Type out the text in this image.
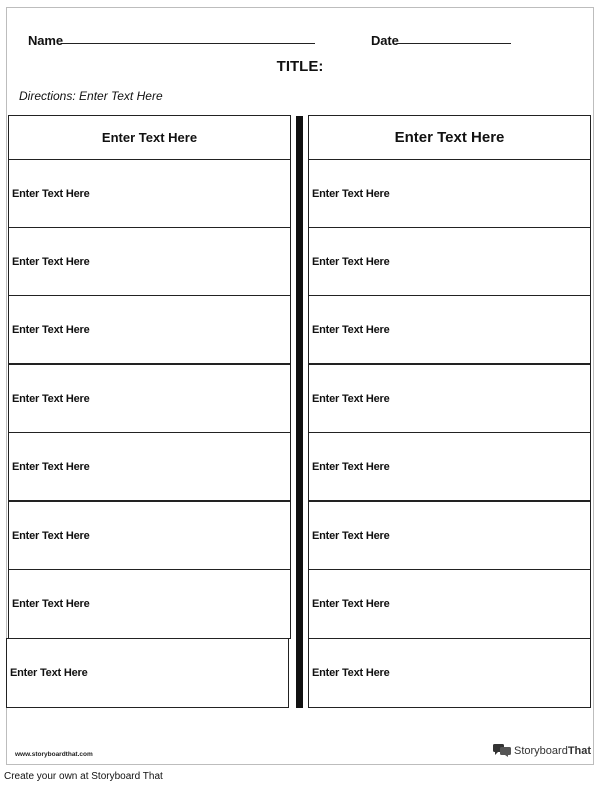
Name	Date
TITLE:
Directions: Enter Text Here
Enter Text Here
Enter Text Here
Enter Text Here
Enter Text Here
Enter Text Here
Enter Text Here
Enter Text Here
Enter Text Here
Enter Text Here
Enter Text Here
Enter Text Here
Enter Text Here
Enter Text Here
Enter Text Here
Enter Text Here
Enter Text Here
Enter Text Here
Enter Text Here
www.storyboardthat.com	StoryboardThat
Create your own at Storyboard That
